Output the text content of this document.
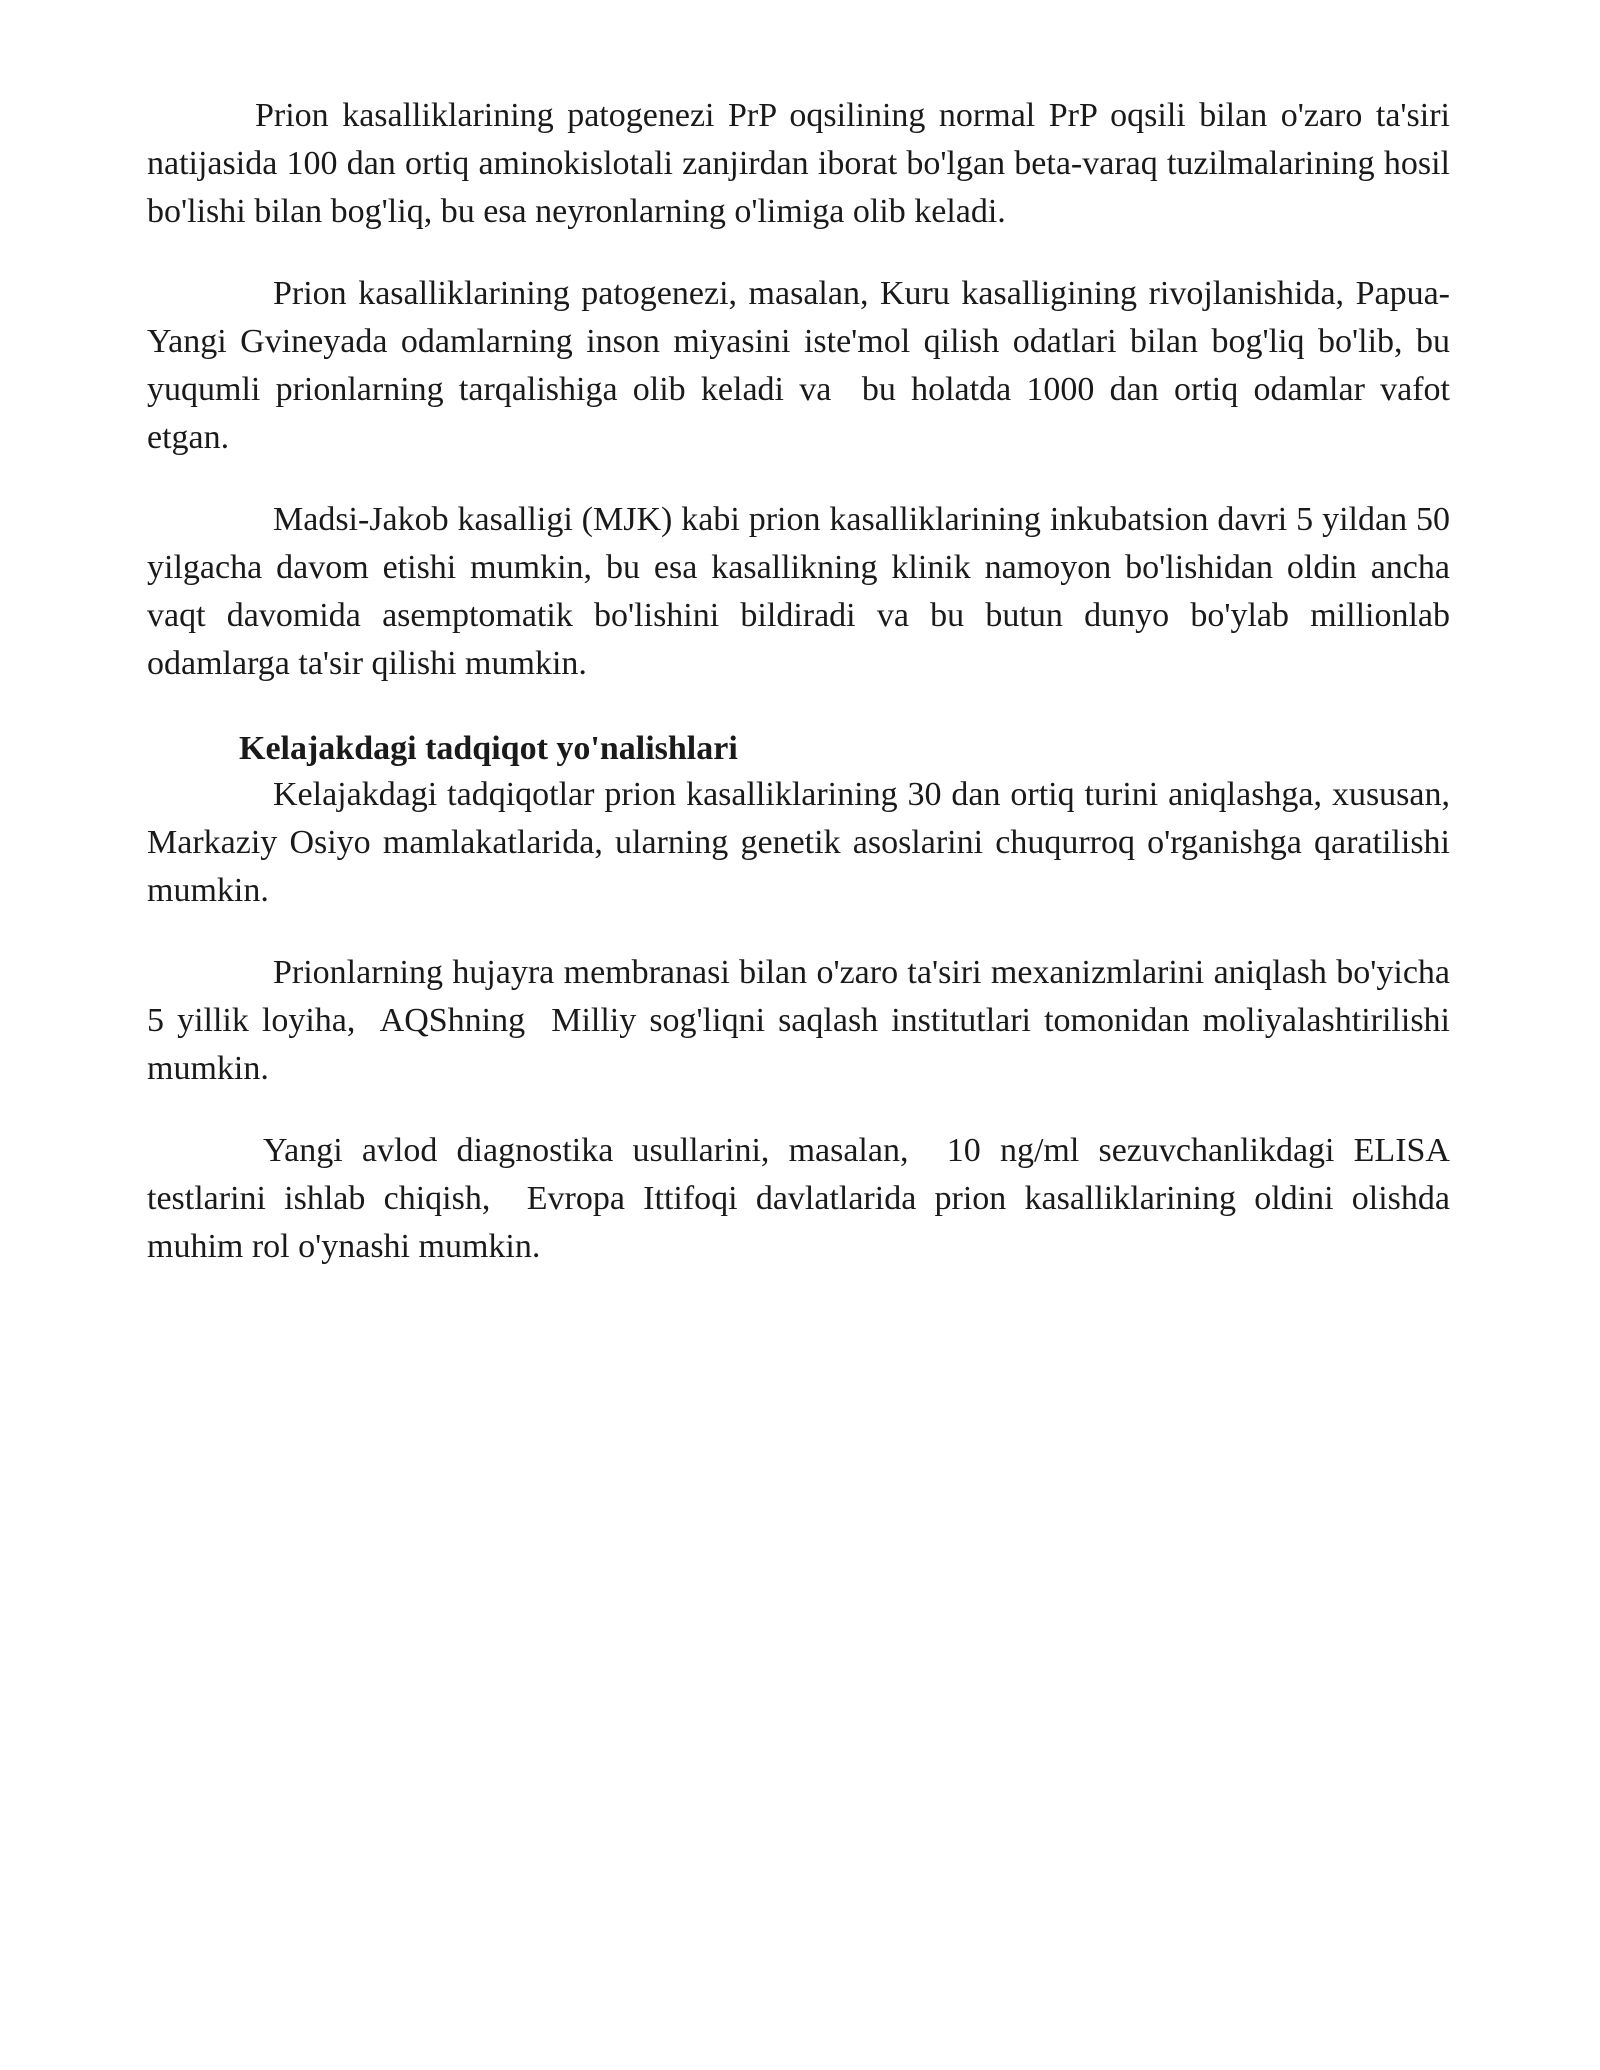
Prion kasalliklarining patogenezi PrP oqsilining normal PrP oqsili bilan o'zaro ta'siri natijasida 100 dan ortiq aminokislotali zanjirdan iborat bo'lgan beta-varaq tuzilmalarining hosil bo'lishi bilan bog'liq, bu esa neyronlarning o'limiga olib keladi.

Prion kasalliklarining patogenezi, masalan, Kuru kasalligining rivojlanishida, Papua-Yangi Gvineyada odamlarning inson miyasini iste'mol qilish odatlari bilan bog'liq bo'lib, bu yuqumli prionlarning tarqalishiga olib keladi va  bu holatda 1000 dan ortiq odamlar vafot etgan.

Madsi-Jakob kasalligi (MJK) kabi prion kasalliklarining inkubatsion davri 5 yildan 50 yilgacha davom etishi mumkin, bu esa kasallikning klinik namoyon bo'lishidan oldin ancha vaqt davomida asemptomatik bo'lishini bildiradi va bu butun dunyo bo'ylab millionlab odamlarga ta'sir qilishi mumkin.

Kelajakdagi tadqiqot yo'nalishlari

Kelajakdagi tadqiqotlar prion kasalliklarining 30 dan ortiq turini aniqlashga, xususan,  Markaziy Osiyo mamlakatlarida, ularning genetik asoslarini chuqurroq o'rganishga qaratilishi mumkin.

Prionlarning hujayra membranasi bilan o'zaro ta'siri mexanizmlarini aniqlash bo'yicha 5 yillik loyiha,  AQShning  Milliy sog'liqni saqlash institutlari tomonidan moliyalashtirilishi mumkin.

Yangi avlod diagnostika usullarini, masalan,  10 ng/ml sezuvchanlikdagi ELISA testlarini ishlab chiqish,  Evropa Ittifoqi davlatlarida prion kasalliklarining oldini olishda muhim rol o'ynashi mumkin.
